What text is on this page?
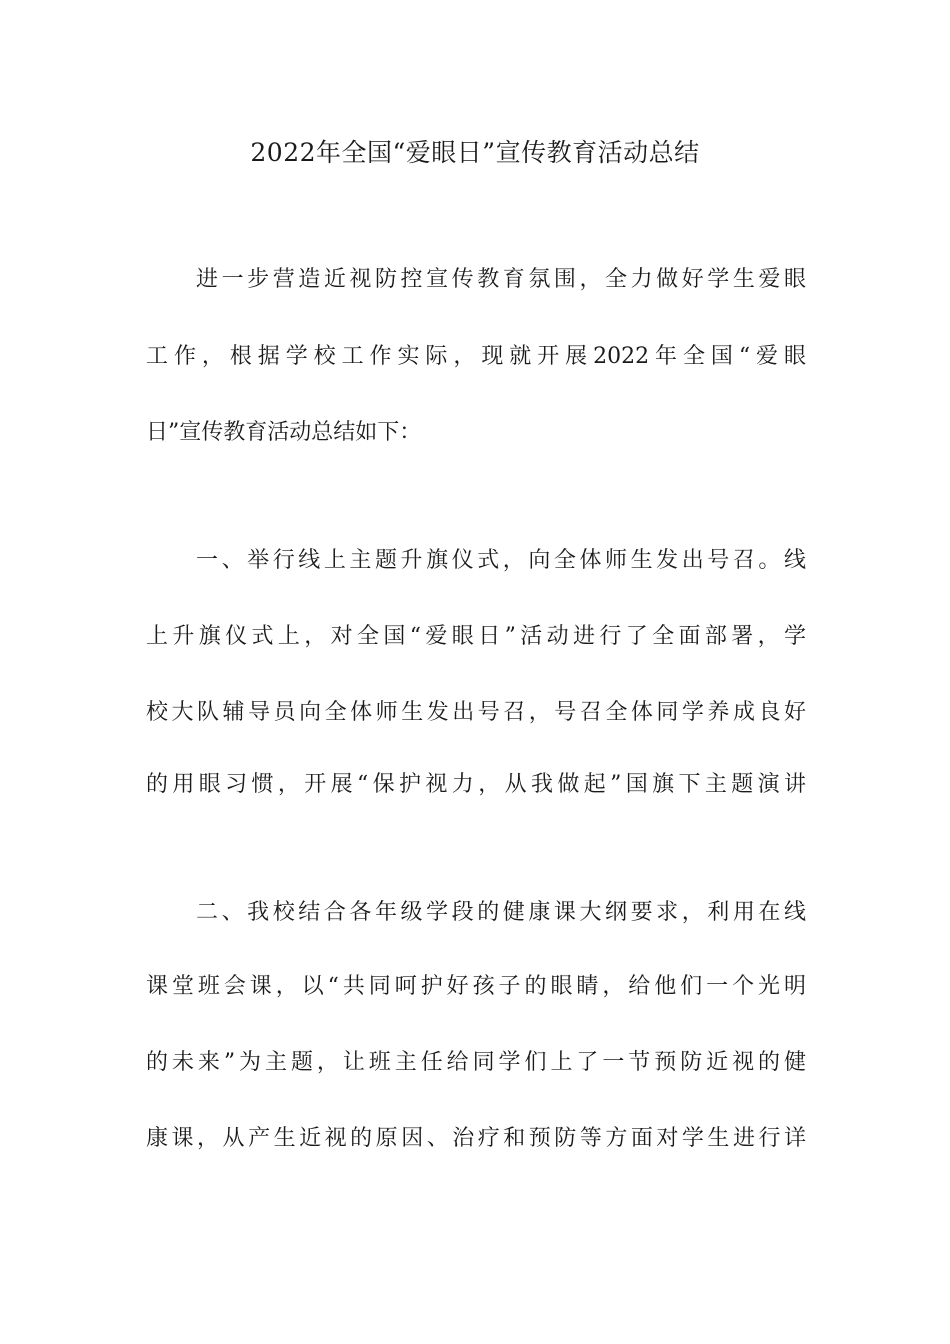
2022年全国“爱眼日”宣传教育活动总结
进一步营造近视防控宣传教育氛围，全力做好学生爱眼
工作，根据学校工作实际，现就开展2022年全国“爱眼
日”宣传教育活动总结如下：
一、举行线上主题升旗仪式，向全体师生发出号召。线
上升旗仪式上，对全国“爱眼日”活动进行了全面部署，学
校大队辅导员向全体师生发出号召，号召全体同学养成良好
的用眼习惯，开展“保护视力，从我做起”国旗下主题演讲
二、我校结合各年级学段的健康课大纲要求，利用在线
课堂班会课，以“共同呵护好孩子的眼睛，给他们一个光明
的未来”为主题，让班主任给同学们上了一节预防近视的健
康课，从产生近视的原因、治疗和预防等方面对学生进行详
